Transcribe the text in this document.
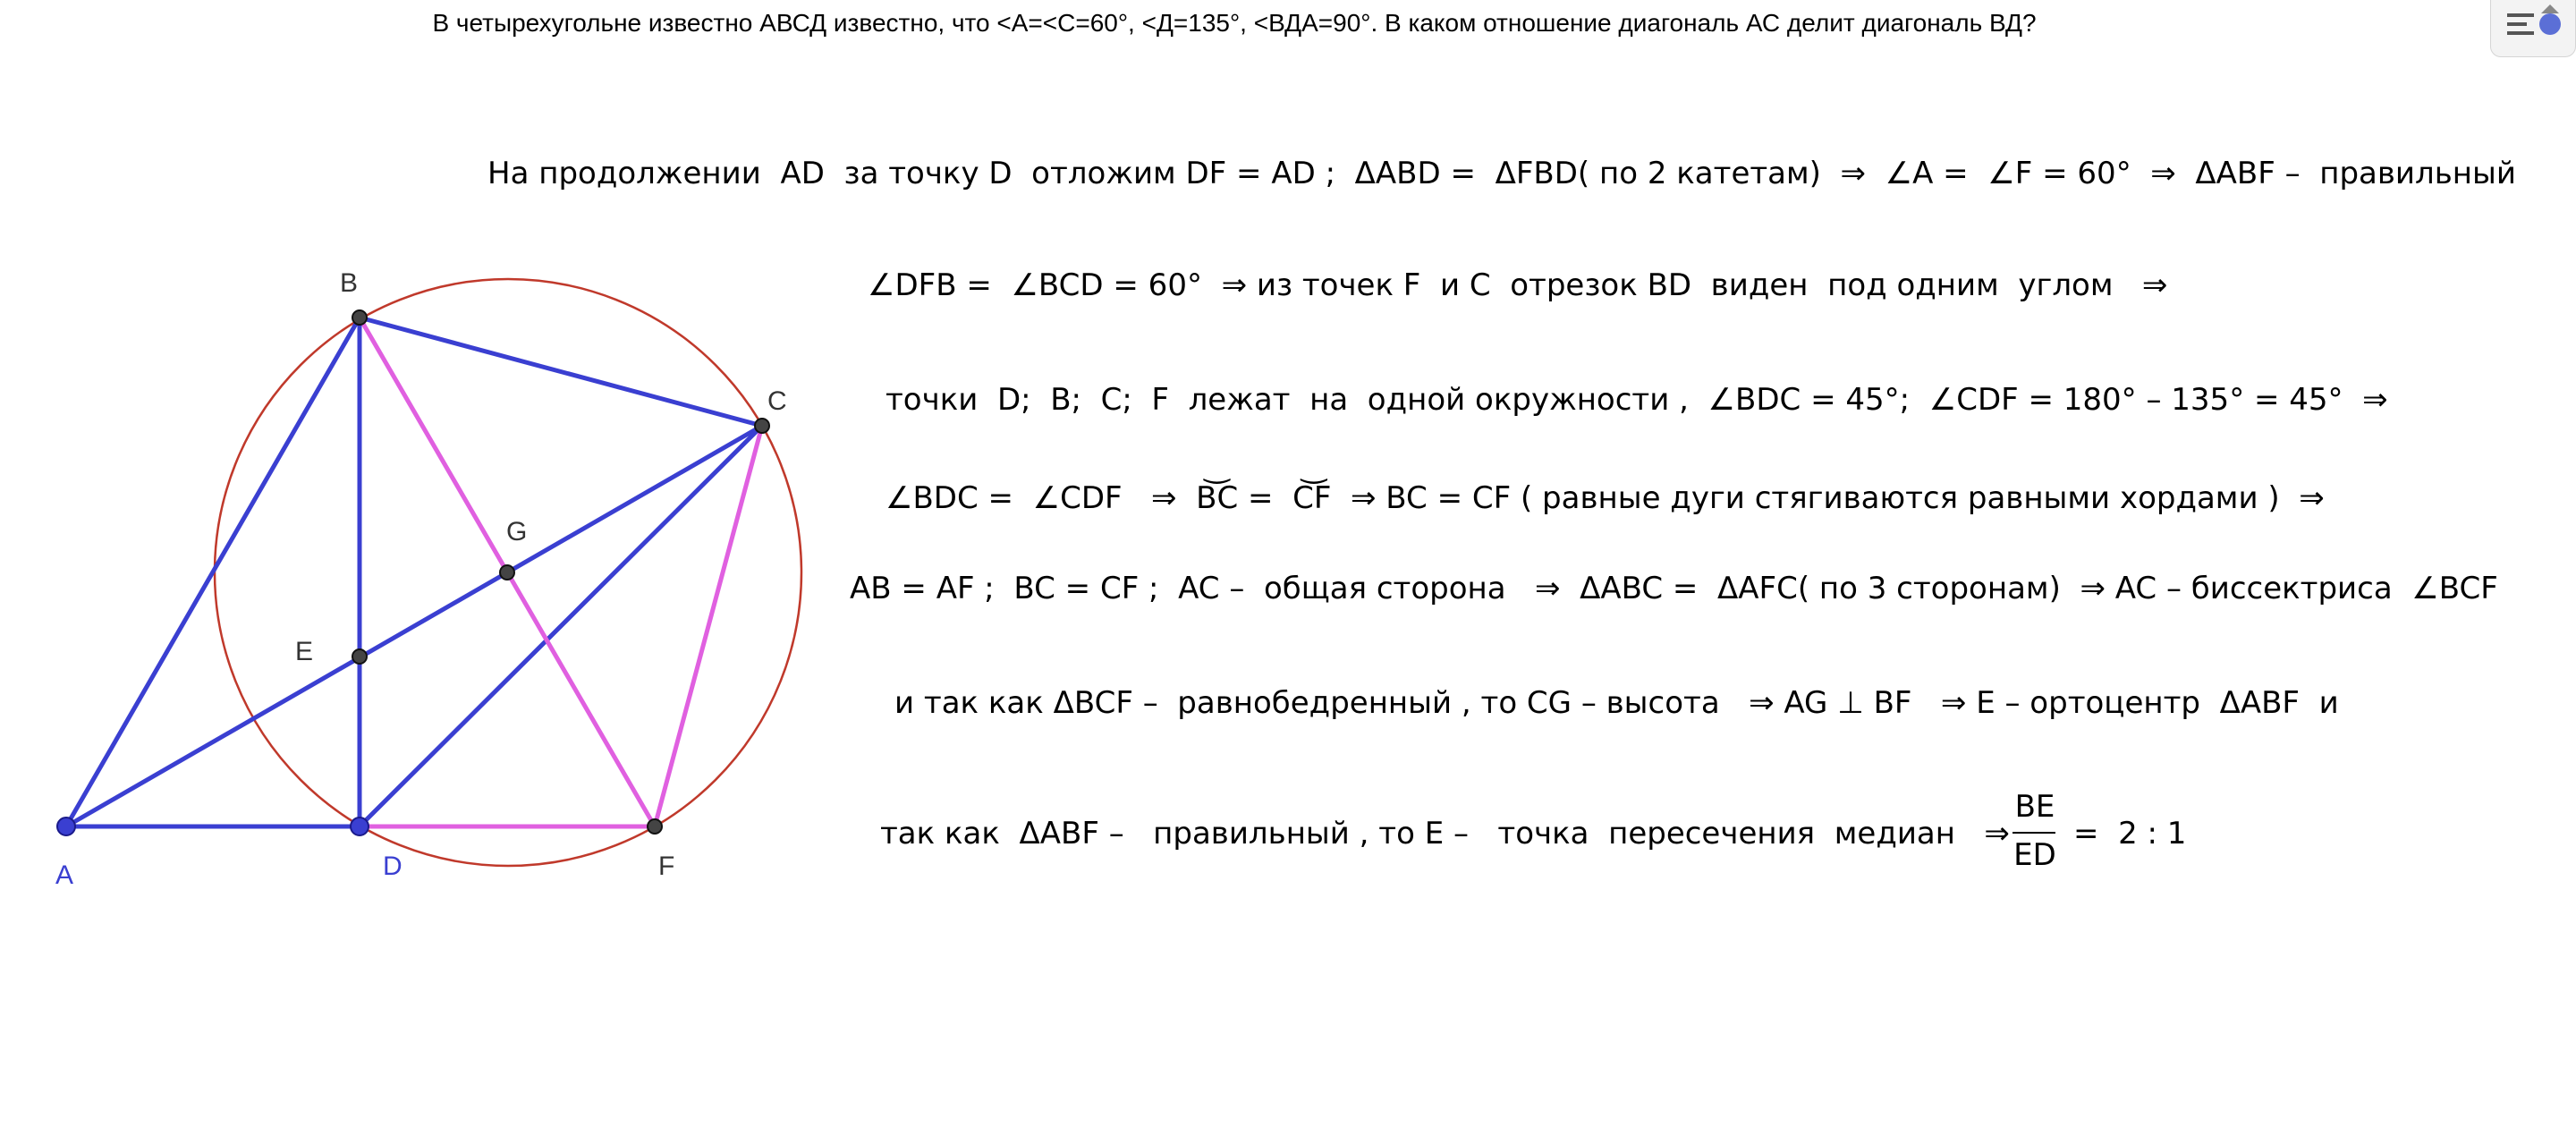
В четырехугольне известно АВСД известно, что <A=<C=60°, <Д=135°, <ВДА=90°. В каком отношение диагональ АС делит диагональ ВД?
A	D
B
C
F
E
G
На продолжении  AD  за точку D  отложим DF = AD ;  ΔABD =  ΔFBD( по 2 катетам)  ⇒  ∠A =  ∠F = 60°  ⇒  ΔABF –  правильный
∠DFB =  ∠BCD = 60°  ⇒ из точек F  и C  отрезок BD  виден  под одним  углом   ⇒
точки  D;  B;  C;  F  лежат  на  одной окружности ,  ∠BDC = 45°;  ∠CDF = 180° – 135° = 45°  ⇒
∠BDC =  ∠CDF   ⇒  B͝C =  C͝F  ⇒ BC = CF ( равные дуги стягиваются равными хордами )  ⇒
AB = AF ;  BC = CF ;  AC –  общая сторона   ⇒  ΔABC =  ΔAFC( по 3 сторонам)  ⇒ AC – биссектриса  ∠BCF
и так как ΔBCF –  равнобедренный , то CG – высота   ⇒ AG ⊥ BF   ⇒ E – ортоцентр  ΔABF  и
так как  ΔABF –   правильный , то E –   точка  пересечения  медиан   ⇒
BE
ED
=  2 : 1
